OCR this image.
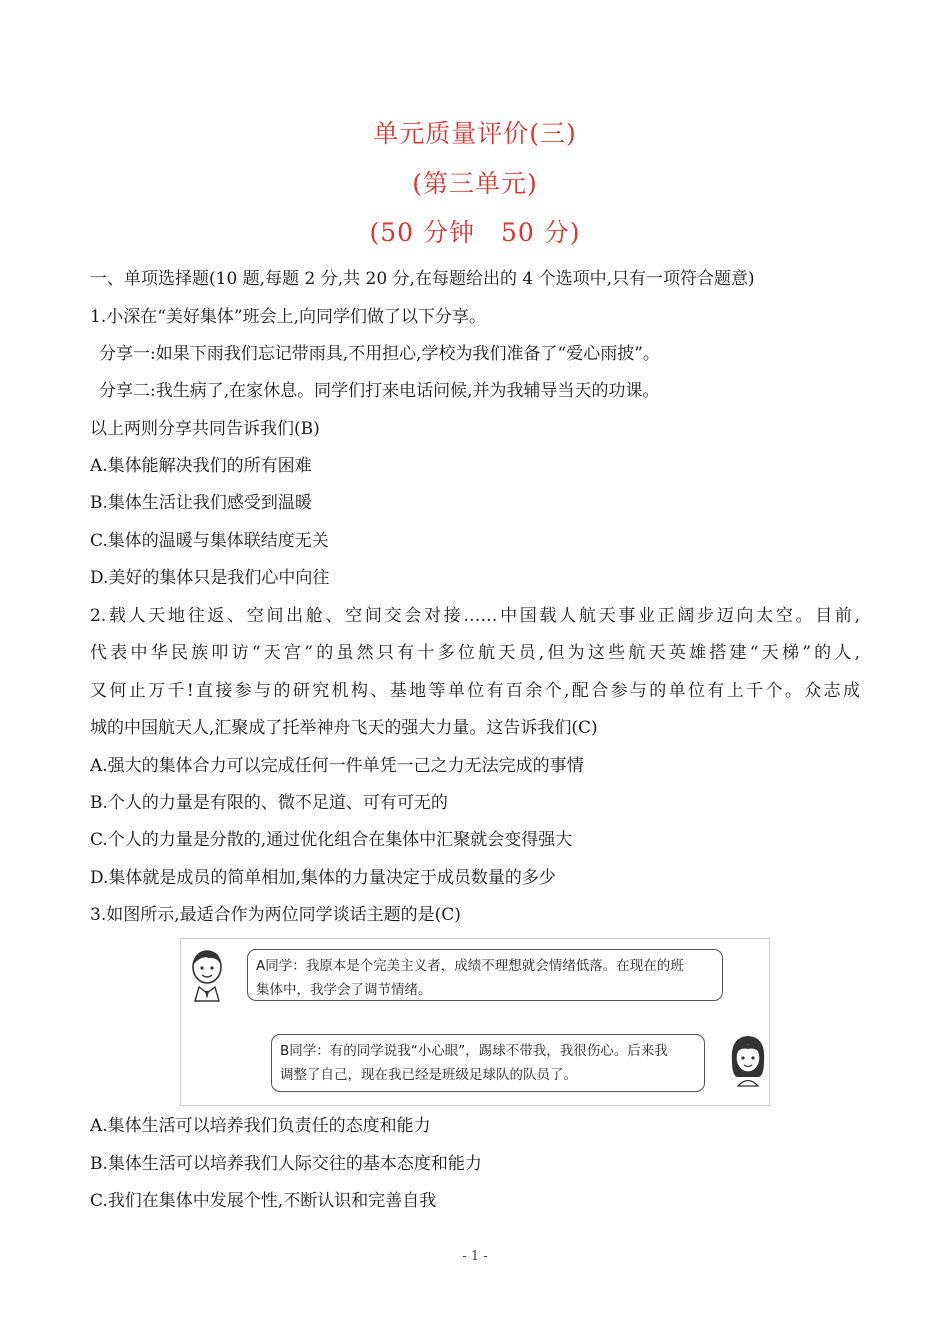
单元质量评价(三)
(第三单元)
(50 分钟　50 分)
一、单项选择题(10 题,每题 2 分,共 20 分,在每题给出的 4 个选项中,只有一项符合题意)
1.小深在“美好集体”班会上,向同学们做了以下分享。
分享一:如果下雨我们忘记带雨具,不用担心,学校为我们准备了“爱心雨披”。
分享二:我生病了,在家休息。同学们打来电话问候,并为我辅导当天的功课。
以上两则分享共同告诉我们(B)
A.集体能解决我们的所有困难
B.集体生活让我们感受到温暖
C.集体的温暖与集体联结度无关
D.美好的集体只是我们心中向往
2.载人天地往返、空间出舱、空间交会对接……中国载人航天事业正阔步迈向太空。目前,
代表中华民族叩访“天宫”的虽然只有十多位航天员,但为这些航天英雄搭建“天梯”的人,
又何止万千!直接参与的研究机构、基地等单位有百余个,配合参与的单位有上千个。众志成
城的中国航天人,汇聚成了托举神舟飞天的强大力量。这告诉我们(C)
A.强大的集体合力可以完成任何一件单凭一己之力无法完成的事情
B.个人的力量是有限的、微不足道、可有可无的
C.个人的力量是分散的,通过优化组合在集体中汇聚就会变得强大
D.集体就是成员的简单相加,集体的力量决定于成员数量的多少
3.如图所示,最适合作为两位同学谈话主题的是(C)
A同学：我原本是个完美主义者，成绩不理想就会情绪低落。在现在的班
集体中，我学会了调节情绪。
B同学：有的同学说我“小心眼”，踢球不带我，我很伤心。后来我
调整了自己，现在我已经是班级足球队的队员了。
A.集体生活可以培养我们负责任的态度和能力
B.集体生活可以培养我们人际交往的基本态度和能力
C.我们在集体中发展个性,不断认识和完善自我
- 1 -
